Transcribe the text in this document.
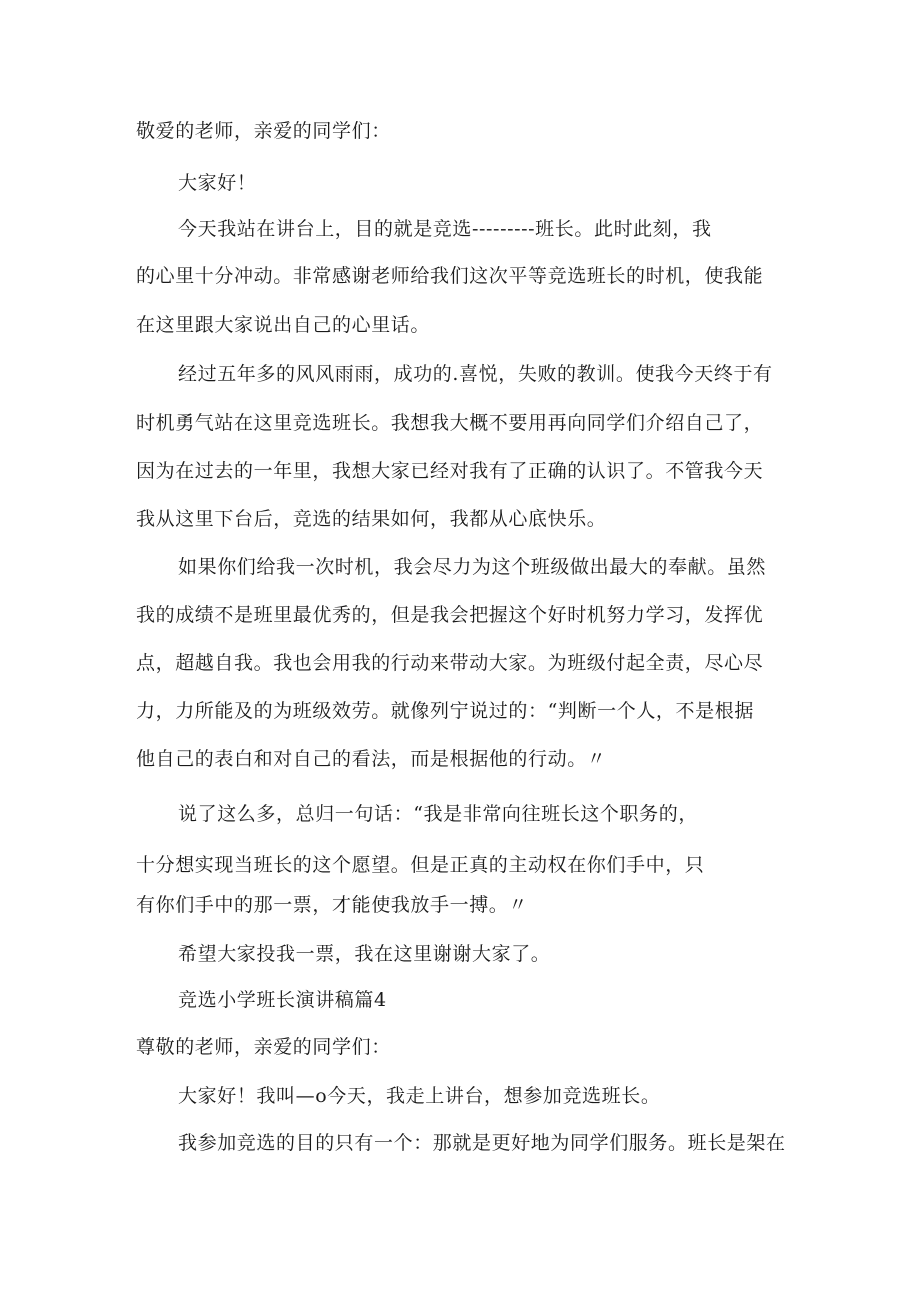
敬爱的老师，亲爱的同学们：

大家好！

今天我站在讲台上，目的就是竞选---------班长。此时此刻，我

的心里十分冲动。非常感谢老师给我们这次平等竞选班长的时机，使我能

在这里跟大家说出自己的心里话。

经过五年多的风风雨雨，成功的.喜悦，失败的教训。使我今天终于有

时机勇气站在这里竞选班长。我想我大概不要用再向同学们介绍自己了，

因为在过去的一年里，我想大家已经对我有了正确的认识了。不管我今天

我从这里下台后，竞选的结果如何，我都从心底快乐。

如果你们给我一次时机，我会尽力为这个班级做出最大的奉献。虽然

我的成绩不是班里最优秀的，但是我会把握这个好时机努力学习，发挥优

点，超越自我。我也会用我的行动来带动大家。为班级付起全责，尽心尽

力，力所能及的为班级效劳。就像列宁说过的：“判断一个人，不是根据

他自己的表白和对自己的看法，而是根据他的行动。〃

说了这么多，总归一句话：“我是非常向往班长这个职务的，

十分想实现当班长的这个愿望。但是正真的主动权在你们手中，只

有你们手中的那一票，才能使我放手一搏。〃

希望大家投我一票，我在这里谢谢大家了。

竞选小学班长演讲稿篇4

尊敬的老师，亲爱的同学们：

大家好！我叫—o今天，我走上讲台，想参加竞选班长。

我参加竞选的目的只有一个：那就是更好地为同学们服务。班长是架在
